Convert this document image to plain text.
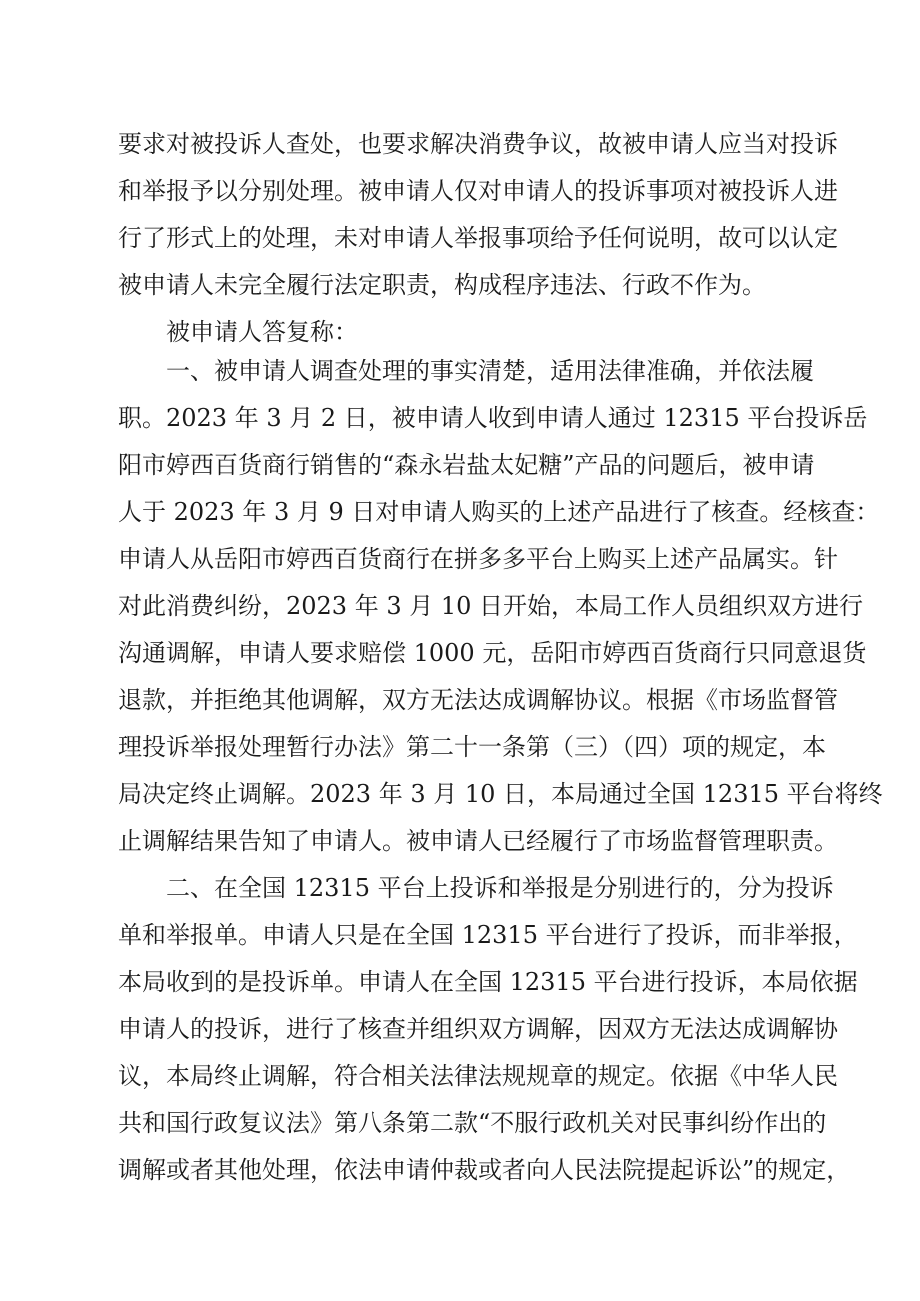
要求对被投诉人查处，也要求解决消费争议，故被申请人应当对投诉
和举报予以分别处理。被申请人仅对申请人的投诉事项对被投诉人进
行了形式上的处理，未对申请人举报事项给予任何说明，故可以认定
被申请人未完全履行法定职责，构成程序违法、行政不作为。
被申请人答复称：
一、被申请人调查处理的事实清楚，适用法律准确，并依法履
职。2023 年 3 月 2 日，被申请人收到申请人通过 12315 平台投诉岳
阳市婷西百货商行销售的“森永岩盐太妃糖”产品的问题后，被申请
人于 2023 年 3 月 9 日对申请人购买的上述产品进行了核查。经核查：
申请人从岳阳市婷西百货商行在拼多多平台上购买上述产品属实。针
对此消费纠纷，2023 年 3 月 10 日开始，本局工作人员组织双方进行
沟通调解，申请人要求赔偿 1000 元，岳阳市婷西百货商行只同意退货
退款，并拒绝其他调解，双方无法达成调解协议。根据《市场监督管
理投诉举报处理暂行办法》第二十一条第（三）（四）项的规定，本
局决定终止调解。2023 年 3 月 10 日，本局通过全国 12315 平台将终
止调解结果告知了申请人。被申请人已经履行了市场监督管理职责。
二、在全国 12315 平台上投诉和举报是分别进行的，分为投诉
单和举报单。申请人只是在全国 12315 平台进行了投诉，而非举报，
本局收到的是投诉单。申请人在全国 12315 平台进行投诉，本局依据
申请人的投诉，进行了核查并组织双方调解，因双方无法达成调解协
议，本局终止调解，符合相关法律法规规章的规定。依据《中华人民
共和国行政复议法》第八条第二款“不服行政机关对民事纠纷作出的
调解或者其他处理，依法申请仲裁或者向人民法院提起诉讼”的规定，
